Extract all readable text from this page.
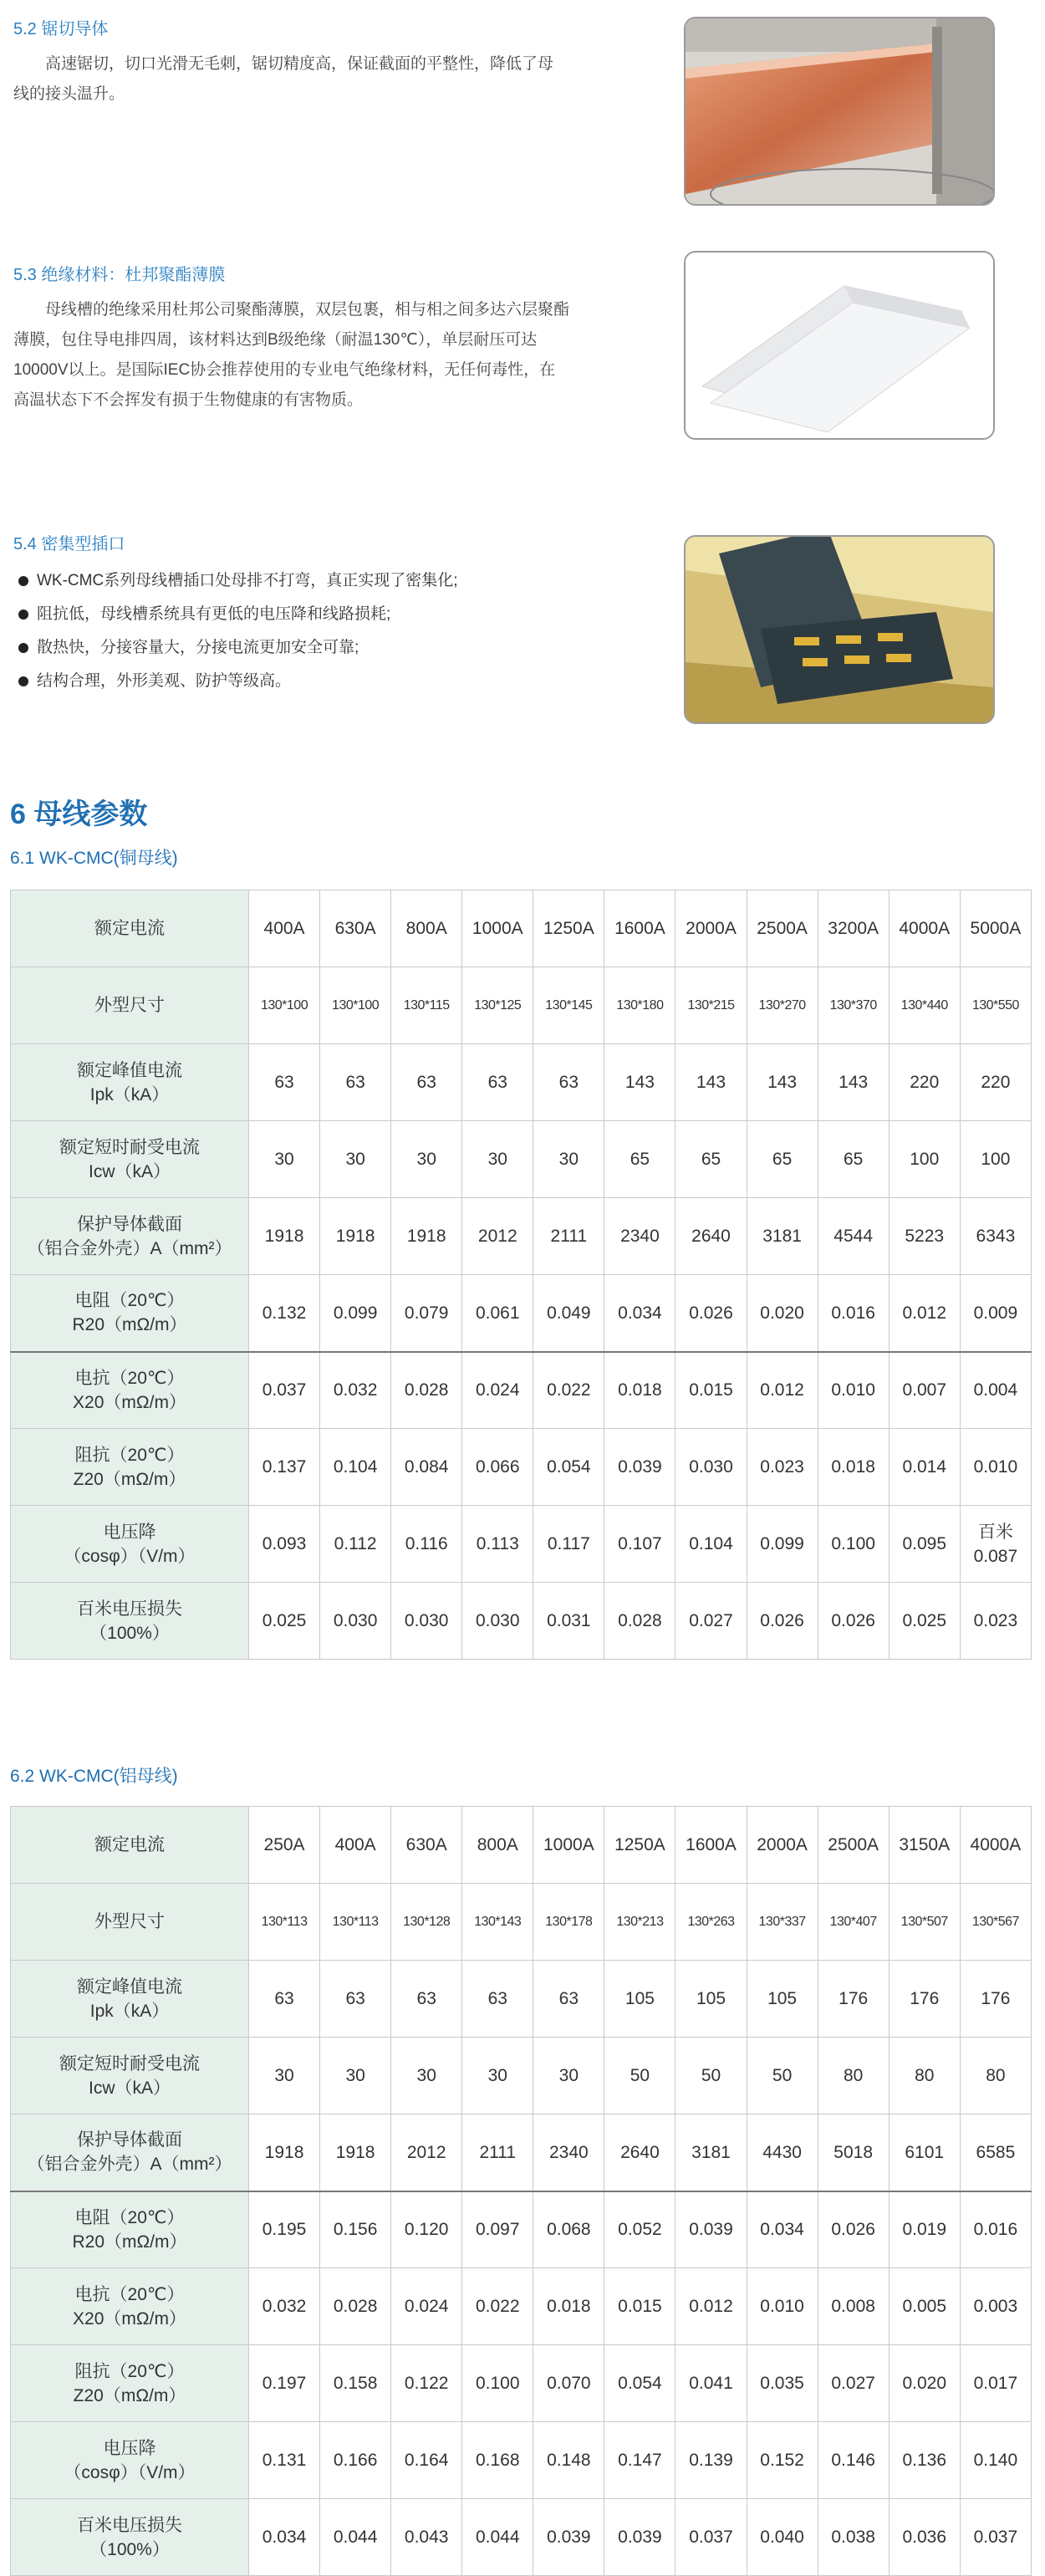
5.2 锯切导体

高速锯切，切口光滑无毛刺，锯切精度高，保证截面的平整性，降低了母
线的接头温升。

5.3 绝缘材料：杜邦聚酯薄膜

母线槽的绝缘采用杜邦公司聚酯薄膜，双层包裹，相与相之间多达六层聚酯
薄膜，包住导电排四周，该材料达到B级绝缘（耐温130℃），单层耐压可达
10000V以上。是国际IEC协会推荐使用的专业电气绝缘材料，无任何毒性，在
高温状态下不会挥发有损于生物健康的有害物质。

5.4 密集型插口

WK-CMC系列母线槽插口处母排不打弯，真正实现了密集化;

阻抗低，母线槽系统具有更低的电压降和线路损耗;

散热快，分接容量大，分接电流更加安全可靠;

结构合理，外形美观、防护等级高。

6 母线参数
6.1 WK-CMC(铜母线)
额定电流	400A	630A	800A	1000A	1250A	1600A	2000A	2500A	3200A	4000A	5000A
外型尺寸	130*100	130*100	130*115	130*125	130*145	130*180	130*215	130*270	130*370	130*440	130*550
额定峰值电流
Ipk（kA）	63	63	63	63	63	143	143	143	143	220	220
额定短时耐受电流
Icw（kA）	30	30	30	30	30	65	65	65	65	100	100
保护导体截面
（铝合金外壳）A（mm²）	1918	1918	1918	2012	2111	2340	2640	3181	4544	5223	6343
电阻（20℃）
R20（mΩ/m）	0.132	0.099	0.079	0.061	0.049	0.034	0.026	0.020	0.016	0.012	0.009
电抗（20℃）
X20（mΩ/m）	0.037	0.032	0.028	0.024	0.022	0.018	0.015	0.012	0.010	0.007	0.004
阻抗（20℃）
Z20（mΩ/m）	0.137	0.104	0.084	0.066	0.054	0.039	0.030	0.023	0.018	0.014	0.010
电压降
（cosφ）（V/m）	0.093	0.112	0.116	0.113	0.117	0.107	0.104	0.099	0.100	0.095	百米 0.087
百米电压损失
（100%）	0.025	0.030	0.030	0.030	0.031	0.028	0.027	0.026	0.026	0.025	0.023
6.2 WK-CMC(铝母线)
额定电流	250A	400A	630A	800A	1000A	1250A	1600A	2000A	2500A	3150A	4000A
外型尺寸	130*113	130*113	130*128	130*143	130*178	130*213	130*263	130*337	130*407	130*507	130*567
额定峰值电流
Ipk（kA）	63	63	63	63	63	105	105	105	176	176	176
额定短时耐受电流
Icw（kA）	30	30	30	30	30	50	50	50	80	80	80
保护导体截面
（铝合金外壳）A（mm²）	1918	1918	2012	2111	2340	2640	3181	4430	5018	6101	6585
电阻（20℃）
R20（mΩ/m）	0.195	0.156	0.120	0.097	0.068	0.052	0.039	0.034	0.026	0.019	0.016
电抗（20℃）
X20（mΩ/m）	0.032	0.028	0.024	0.022	0.018	0.015	0.012	0.010	0.008	0.005	0.003
阻抗（20℃）
Z20（mΩ/m）	0.197	0.158	0.122	0.100	0.070	0.054	0.041	0.035	0.027	0.020	0.017
电压降
（cosφ）（V/m）	0.131	0.166	0.164	0.168	0.148	0.147	0.139	0.152	0.146	0.136	0.140
百米电压损失
（100%）	0.034	0.044	0.043	0.044	0.039	0.039	0.037	0.040	0.038	0.036	0.037
